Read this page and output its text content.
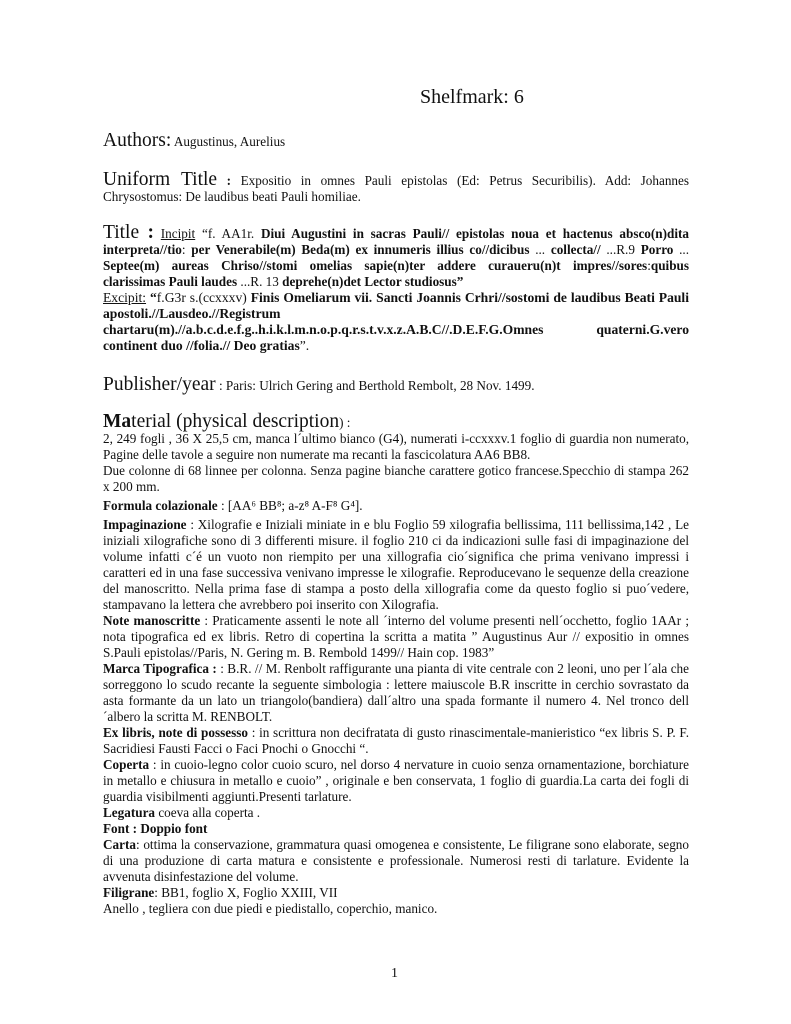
Shelfmark: 6
Authors: Augustinus, Aurelius
Uniform Title : Expositio in omnes Pauli epistolas (Ed: Petrus Securibilis). Add: Johannes Chrysostomus: De laudibus beati Pauli homiliae.

Title : Incipit “f. AA1r. Diui Augustini in sacras Pauli// epistolas noua et hactenus absco(n)dita interpreta//tio: per Venerabile(m) Beda(m) ex innumeris illius co//dicibus ... collecta// ...R.9 Porro ... Septee(m) aureas Chriso//stomi omelias sapie(n)ter addere curaueru(n)t impres//sores:quibus clarissimas Pauli laudes ...R. 13 deprehe(n)det Lector studiosus”

Excipit: “f.G3r s.(ccxxxv) Finis Omeliarum vii. Sancti Joannis Crhri//sostomi de laudibus Beati Pauli apostoli.//Lausdeo.//Registrum chartaru(m).//a.b.c.d.e.f.g..h.i.k.l.m.n.o.p.q.r.s.t.v.x.z.A.B.C//.D.E.F.G.Omnes quaterni.G.vero continent duo //folia.// Deo gratias”.

Publisher/year : Paris: Ulrich Gering and Berthold Rembolt, 28 Nov. 1499.

Material (physical description) :

2, 249 fogli , 36 X 25,5 cm, manca l´ultimo bianco (G4), numerati i-ccxxxv.1 foglio di guardia non numerato, Pagine delle tavole a seguire non numerate ma recanti la fascicolatura AA6 BB8.

Due colonne di 68 linnee per colonna. Senza pagine bianche carattere gotico francese.Specchio di stampa 262 x 200 mm.

Formula colazionale : [AA⁶ BB⁸; a-z⁸ A-F⁸ G⁴].

Impaginazione : Xilografie e Iniziali miniate in e blu Foglio 59 xilografia bellissima, 111 bellissima,142 , Le iniziali xilografiche sono di 3 differenti misure. il foglio 210 ci da indicazioni sulle fasi di impaginazione del volume infatti c´é un vuoto non riempito per una xillografia cio´significa che prima venivano impressi i caratteri ed in una fase successiva venivano impresse le xilografie. Reproducevano le sequenze della creazione del manoscritto. Nella prima fase di stampa a posto della xillografia come da questo foglio si puo´vedere, stampavano la lettera che avrebbero poi inserito con Xilografia.

Note manoscritte : Praticamente assenti le note all ´interno del volume presenti nell´occhetto, foglio 1AAr ; nota tipografica ed ex libris. Retro di copertina la scritta a matita ” Augustinus Aur // expositio in omnes S.Pauli epistolas//Paris, N. Gering m. B. Rembold 1499// Hain cop. 1983”

Marca Tipografica : : B.R. // M. Renbolt raffigurante una pianta di vite centrale con 2 leoni, uno per l´ala che sorreggono lo scudo recante la seguente simbologia : lettere maiuscole B.R inscritte in cerchio sovrastato da asta formante da un lato un triangolo(bandiera) dall´altro una spada formante il numero 4. Nel tronco dell´albero la scritta M. RENBOLT.

Ex libris, note di possesso : in scrittura non decifratata di gusto rinascimentale-manieristico “ex libris S. P. F. Sacridiesi Fausti Facci o Faci Pnochi o Gnocchi “.

Coperta : in cuoio-legno color cuoio scuro, nel dorso 4 nervature in cuoio senza ornamentazione, borchiature in metallo e chiusura in metallo e cuoio” , originale e ben conservata, 1 foglio di guardia.La carta dei fogli di guardia visibilmenti aggiunti.Presenti tarlature.

Legatura coeva alla coperta .

Font : Doppio font

Carta: ottima la conservazione, grammatura quasi omogenea e consistente, Le filigrane sono elaborate, segno di una produzione di carta matura e consistente e professionale. Numerosi resti di tarlature. Evidente la avvenuta disinfestazione del volume.

Filigrane: BB1, foglio X, Foglio XXIII, VII

Anello , tegliera con due piedi e piedistallo, coperchio, manico.

1
